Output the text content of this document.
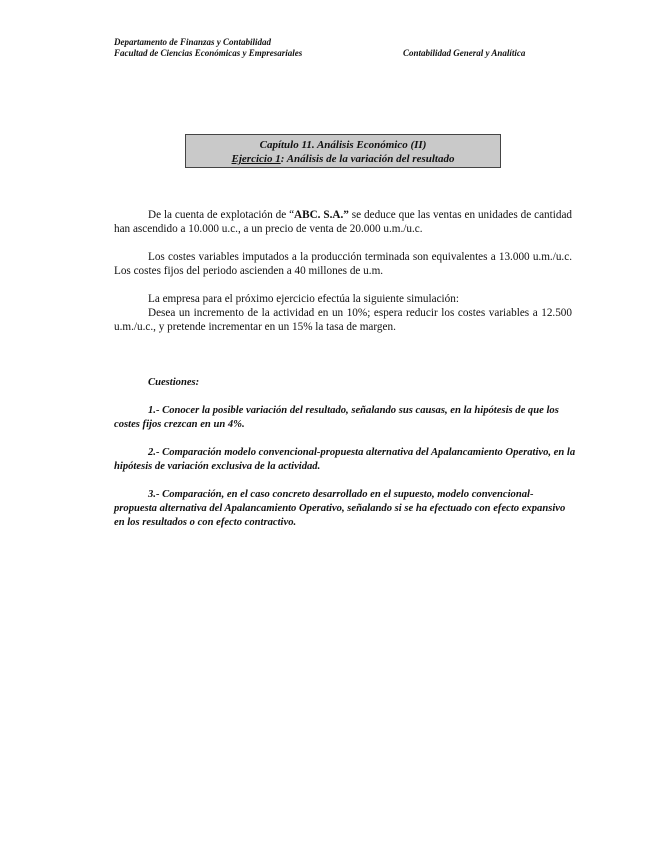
Departamento de Finanzas y Contabilidad
Facultad de Ciencias Económicas y Empresariales	Contabilidad General y Analítica
Capítulo 11. Análisis Económico (II)
Ejercicio 1: Análisis de la variación del resultado

De la cuenta de explotación de “ABC. S.A.” se deduce que las ventas en unidades de cantidad han ascendido a 10.000 u.c., a un precio de venta de 20.000 u.m./u.c.

Los costes variables imputados a la producción terminada son equivalentes a 13.000 u.m./u.c. Los costes fijos del periodo ascienden a 40 millones de u.m.

La empresa para el próximo ejercicio efectúa la siguiente simulación:

Desea un incremento de la actividad en un 10%; espera reducir los costes variables a 12.500 u.m./u.c., y pretende incrementar en un 15% la tasa de margen.

Cuestiones:

1.- Conocer la posible variación del resultado, señalando sus causas, en la hipótesis de que los costes fijos crezcan en un 4%.

2.- Comparación modelo convencional-propuesta alternativa del Apalancamiento Operativo, en la hipótesis de variación exclusiva de la actividad.

3.- Comparación, en el caso concreto desarrollado en el supuesto, modelo convencional-propuesta alternativa del Apalancamiento Operativo, señalando si se ha efectuado con efecto expansivo en los resultados o con efecto contractivo.
